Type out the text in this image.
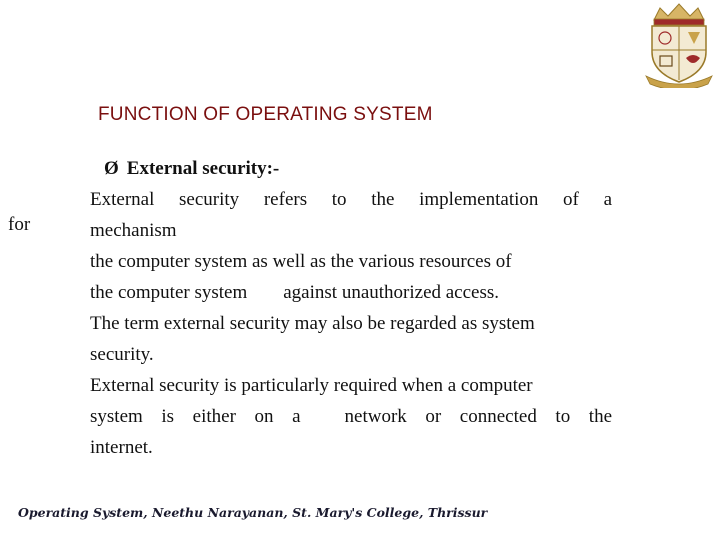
FUNCTION OF OPERATING SYSTEM
for
Ø External security:-
External security refers to the implementation of a
mechanism
the computer system as well as the various resources of
the computer system against unauthorized access.
The term external security may also be regarded as system
security.
External security is particularly required when a computer
system is either on a network or connected to the
internet.
Operating System, Neethu Narayanan, St. Mary's College, Thrissur
